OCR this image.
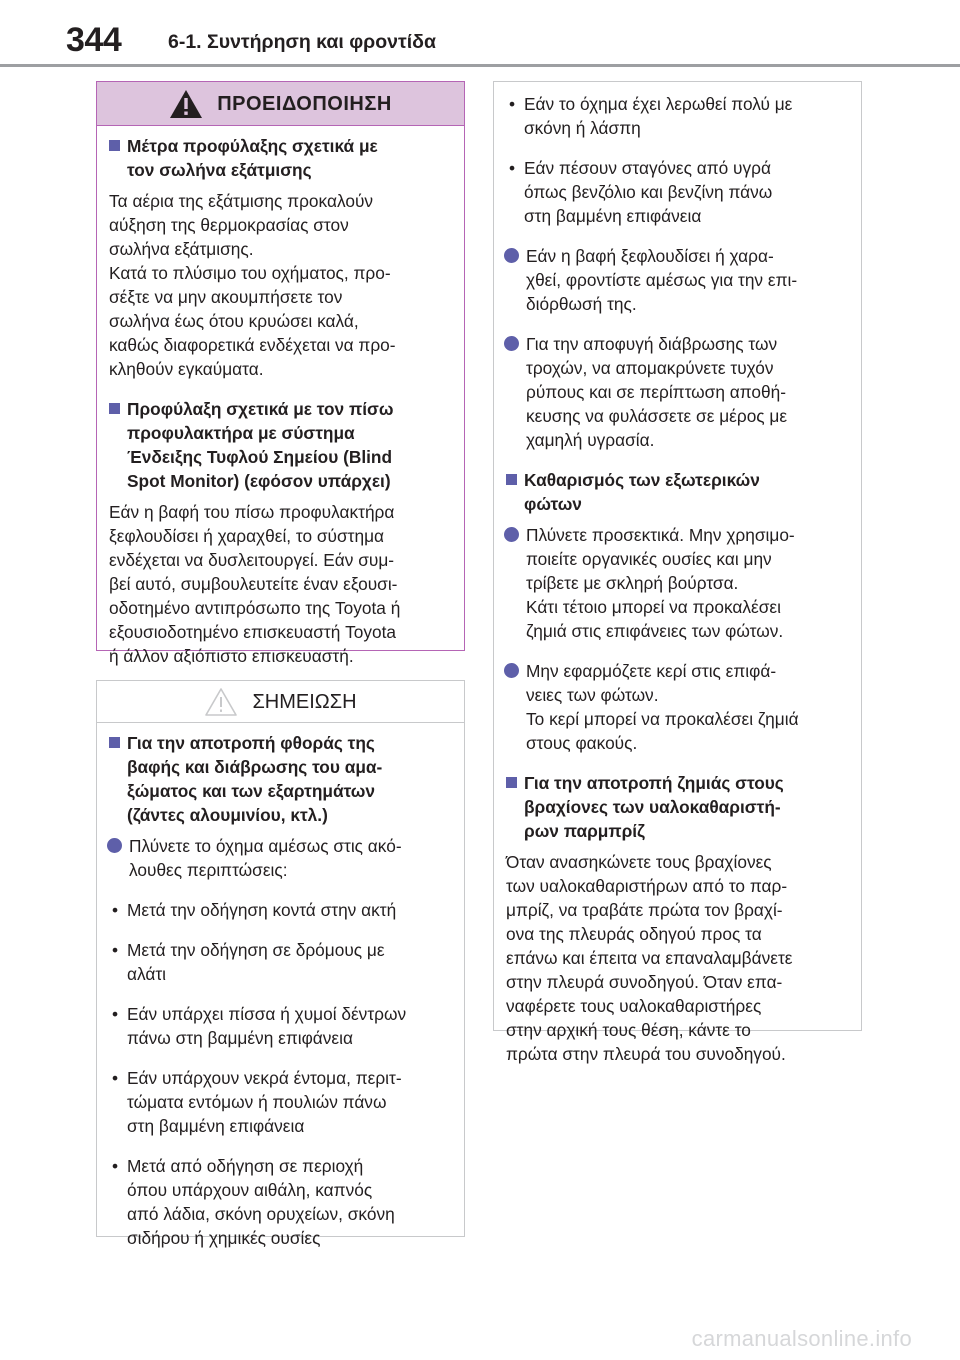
344 6-1. Συντήρηση και φροντίδα
ΠΡΟΕΙΔΟΠΟΙΗΣΗ
Μέτρα προφύλαξης σχετικά με
τον σωλήνα εξάτμισης
Τα αέρια της εξάτμισης προκαλούν
αύξηση της θερμοκρασίας στον
σωλήνα εξάτμισης.
Κατά το πλύσιμο του οχήματος, προ-
σέξτε να μην ακουμπήσετε τον
σωλήνα έως ότου κρυώσει καλά,
καθώς διαφορετικά ενδέχεται να προ-
κληθούν εγκαύματα.
Προφύλαξη σχετικά με τον πίσω
προφυλακτήρα με σύστημα
Ένδειξης Τυφλού Σημείου (Blind
Spot Monitor) (εφόσον υπάρχει)
Εάν η βαφή του πίσω προφυλακτήρα
ξεφλουδίσει ή χαραχθεί, το σύστημα
ενδέχεται να δυσλειτουργεί. Εάν συμ-
βεί αυτό, συμβουλευτείτε έναν εξουσι-
οδοτημένο αντιπρόσωπο της Toyota ή
εξουσιοδοτημένο επισκευαστή Toyota
ή άλλον αξιόπιστο επισκευαστή.
ΣΗΜΕΙΩΣΗ
Για την αποτροπή φθοράς της
βαφής και διάβρωσης του αμα-
ξώματος και των εξαρτημάτων
(ζάντες αλουμινίου, κτλ.)
Πλύνετε το όχημα αμέσως στις ακό-
λουθες περιπτώσεις:
• Μετά την οδήγηση κοντά στην ακτή
• Μετά την οδήγηση σε δρόμους με
αλάτι
• Εάν υπάρχει πίσσα ή χυμοί δέντρων
πάνω στη βαμμένη επιφάνεια
• Εάν υπάρχουν νεκρά έντομα, περιτ-
τώματα εντόμων ή πουλιών πάνω
στη βαμμένη επιφάνεια
• Μετά από οδήγηση σε περιοχή
όπου υπάρχουν αιθάλη, καπνός
από λάδια, σκόνη ορυχείων, σκόνη
σιδήρου ή χημικές ουσίες
• Εάν το όχημα έχει λερωθεί πολύ με
σκόνη ή λάσπη
• Εάν πέσουν σταγόνες από υγρά
όπως βενζόλιο και βενζίνη πάνω
στη βαμμένη επιφάνεια
Εάν η βαφή ξεφλουδίσει ή χαρα-
χθεί, φροντίστε αμέσως για την επι-
διόρθωσή της.
Για την αποφυγή διάβρωσης των
τροχών, να απομακρύνετε τυχόν
ρύπους και σε περίπτωση αποθή-
κευσης να φυλάσσετε σε μέρος με
χαμηλή υγρασία.
Καθαρισμός των εξωτερικών
φώτων
Πλύνετε προσεκτικά. Μην χρησιμο-
ποιείτε οργανικές ουσίες και μην
τρίβετε με σκληρή βούρτσα.
Κάτι τέτοιο μπορεί να προκαλέσει
ζημιά στις επιφάνειες των φώτων.
Μην εφαρμόζετε κερί στις επιφά-
νειες των φώτων.
Το κερί μπορεί να προκαλέσει ζημιά
στους φακούς.
Για την αποτροπή ζημιάς στους
βραχίονες των υαλοκαθαριστή-
ρων παρμπρίζ
Όταν ανασηκώνετε τους βραχίονες
των υαλοκαθαριστήρων από το παρ-
μπρίζ, να τραβάτε πρώτα τον βραχί-
ονα της πλευράς οδηγού προς τα
επάνω και έπειτα να επαναλαμβάνετε
στην πλευρά συνοδηγού. Όταν επα-
ναφέρετε τους υαλοκαθαριστήρες
στην αρχική τους θέση, κάντε το
πρώτα στην πλευρά του συνοδηγού.
carmanualsonline.info
